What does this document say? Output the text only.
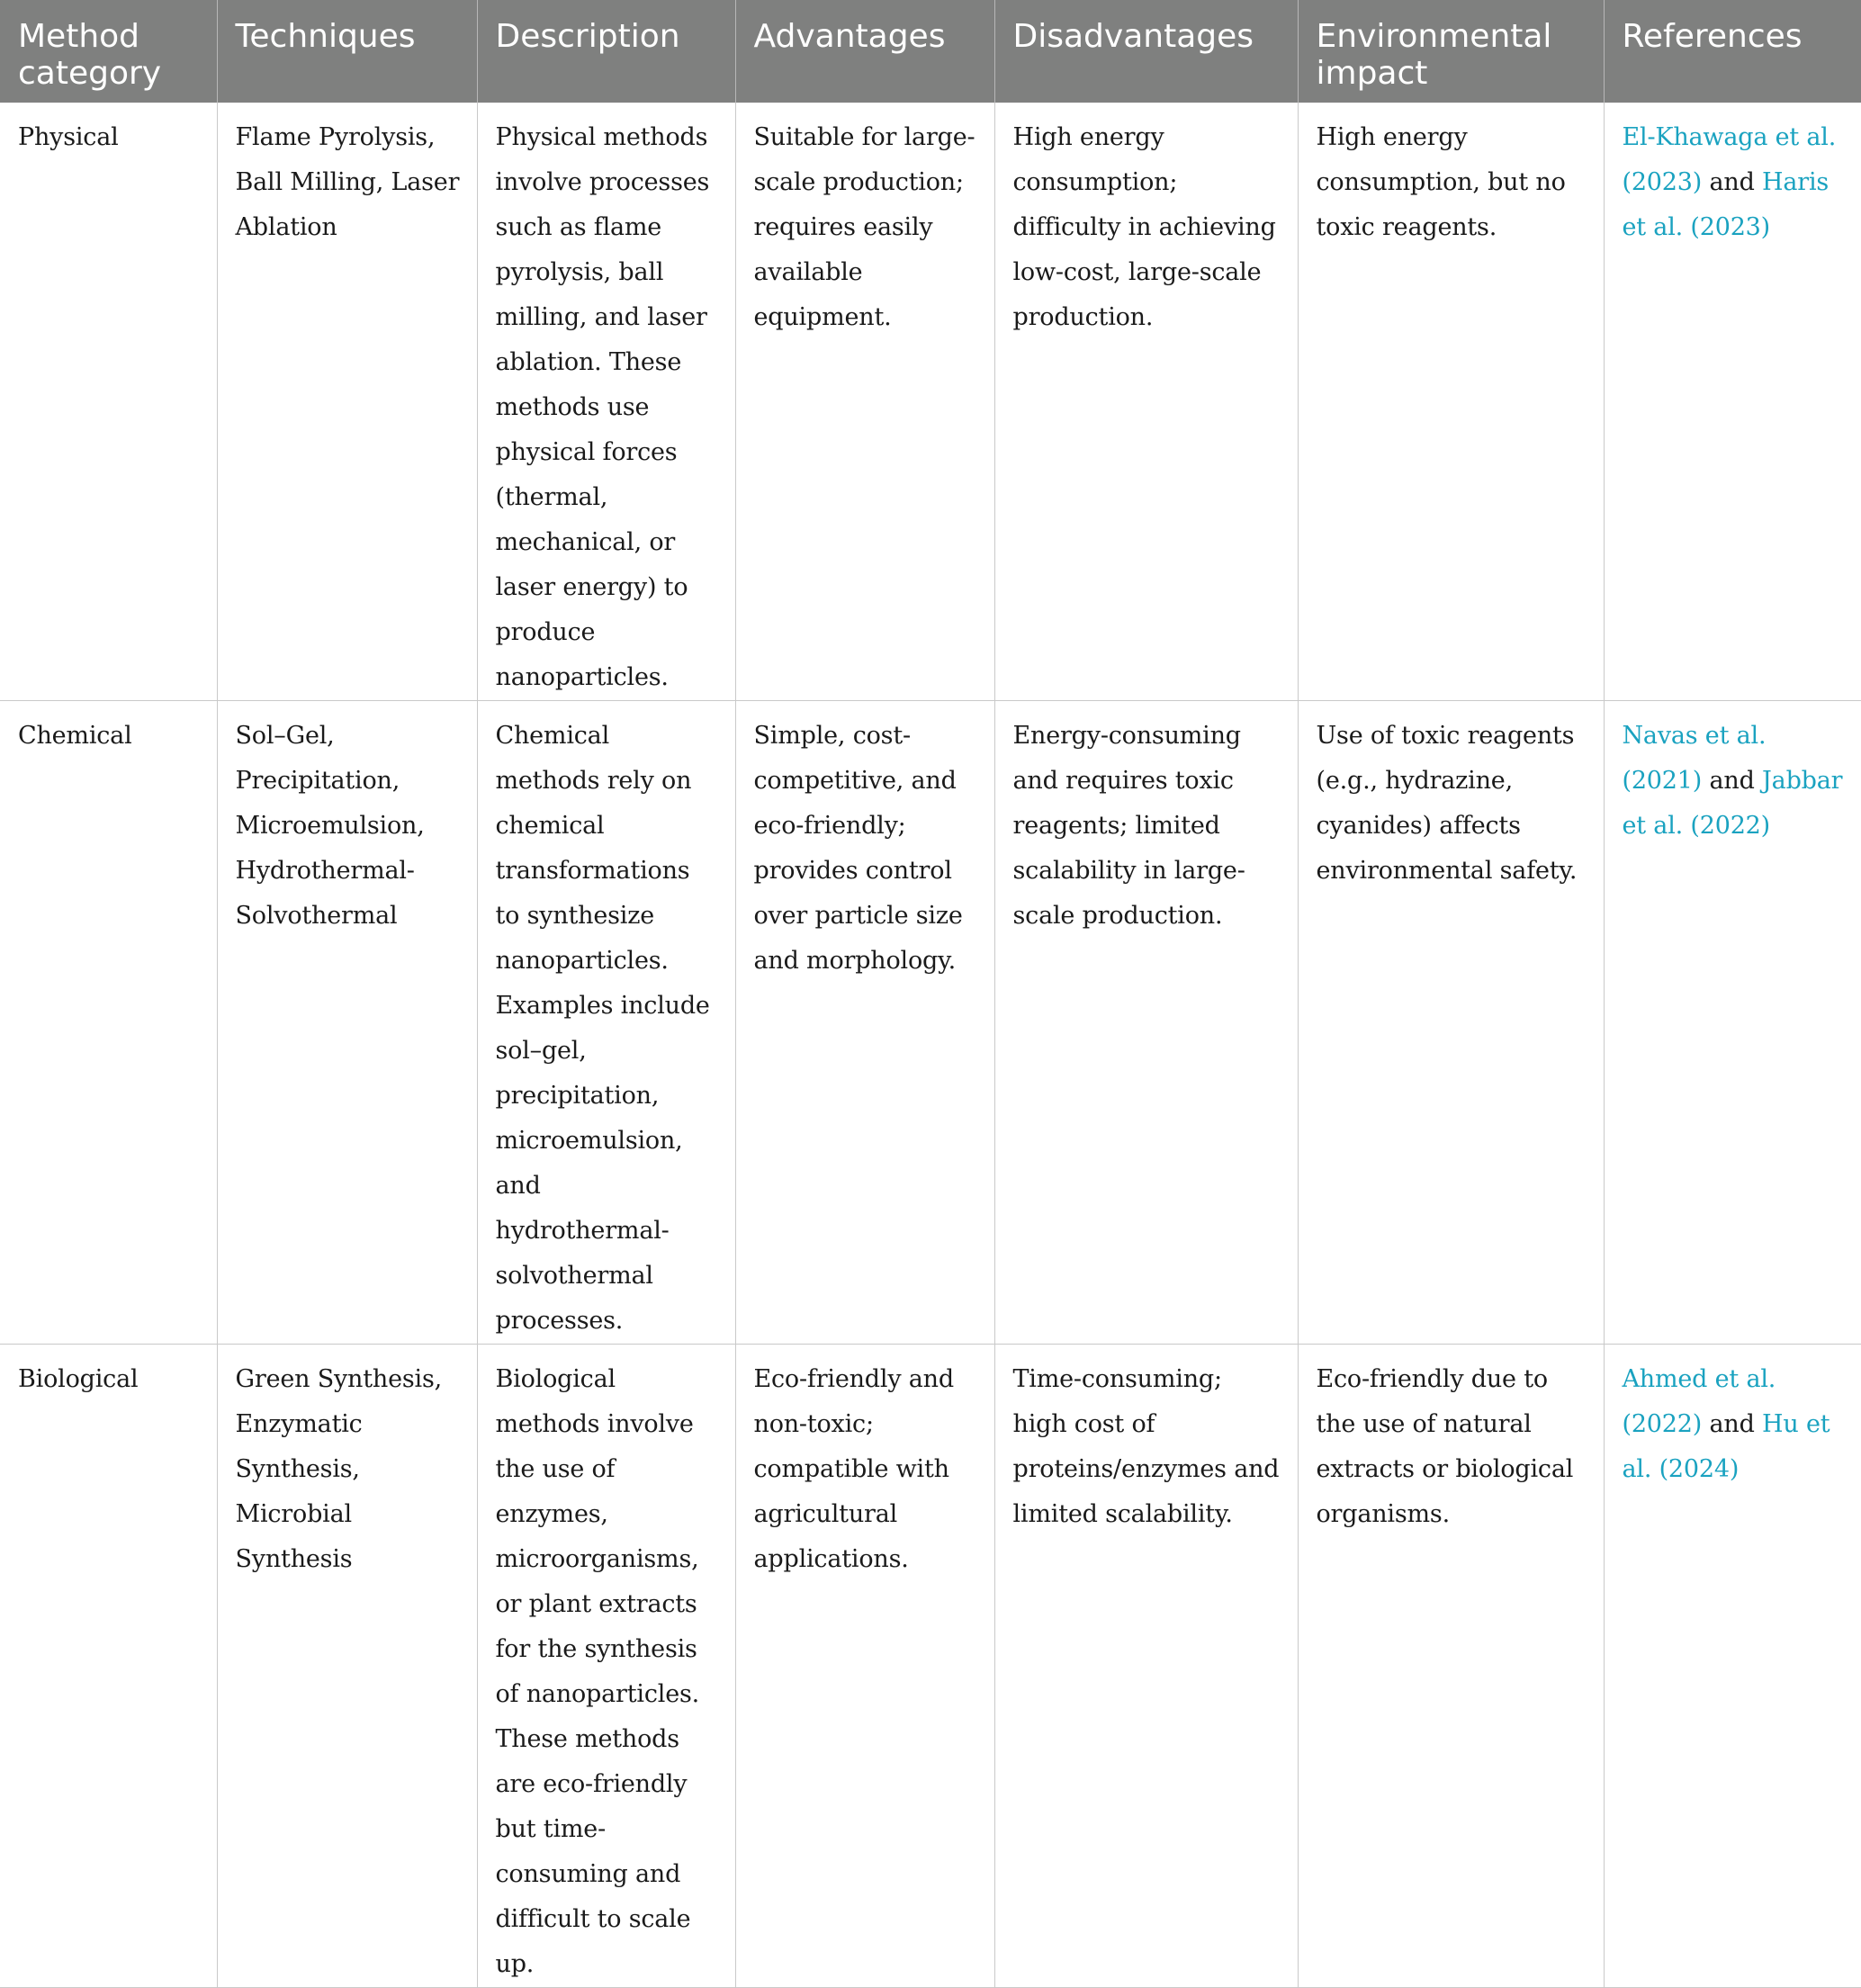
Method category	Techniques	Description	Advantages	Disadvantages	Environmental impact	References
Physical	Flame Pyrolysis, Ball Milling, Laser Ablation	Physical methods involve processes such as flame pyrolysis, ball milling, and laser ablation. These methods use physical forces (thermal, mechanical, or laser energy) to produce nanoparticles.	Suitable for large-scale production; requires easily available equipment.	High energy consumption; difficulty in achieving low-cost, large-scale production.	High energy consumption, but no toxic reagents.	El-Khawaga et al. (2023) and Haris et al. (2023)
Chemical	Sol–Gel, Precipitation, Microemulsion, Hydrothermal-Solvothermal	Chemical methods rely on chemical transformations to synthesize nanoparticles. Examples include sol–gel, precipitation, microemulsion, and hydrothermal-solvothermal processes.	Simple, cost-competitive, and eco-friendly; provides control over particle size and morphology.	Energy-consuming and requires toxic reagents; limited scalability in large-scale production.	Use of toxic reagents (e.g., hydrazine, cyanides) affects environmental safety.	Navas et al. (2021) and Jabbar et al. (2022)
Biological	Green Synthesis, Enzymatic Synthesis, Microbial Synthesis	Biological methods involve the use of enzymes, microorganisms, or plant extracts for the synthesis of nanoparticles. These methods are eco-friendly but time-consuming and difficult to scale up.	Eco-friendly and non-toxic; compatible with agricultural applications.	Time-consuming; high cost of proteins/enzymes and limited scalability.	Eco-friendly due to the use of natural extracts or biological organisms.	Ahmed et al. (2022) and Hu et al. (2024)
